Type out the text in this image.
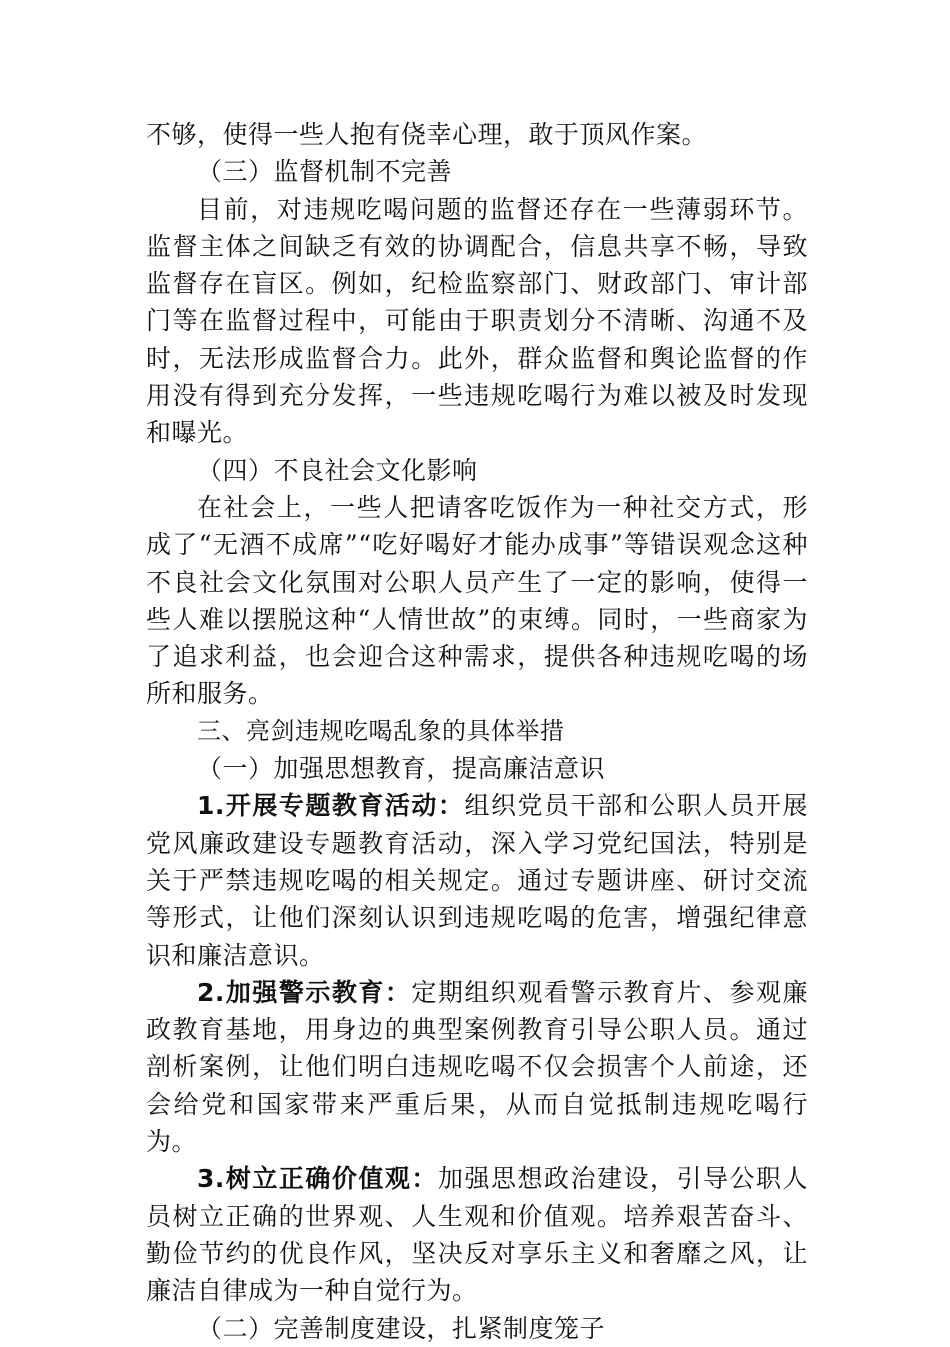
不够，使得一些人抱有侥幸心理，敢于顶风作案。

（三）监督机制不完善

目前，对违规吃喝问题的监督还存在一些薄弱环节。监督主体之间缺乏有效的协调配合，信息共享不畅，导致监督存在盲区。例如，纪检监察部门、财政部门、审计部门等在监督过程中，可能由于职责划分不清晰、沟通不及时，无法形成监督合力。此外，群众监督和舆论监督的作用没有得到充分发挥，一些违规吃喝行为难以被及时发现和曝光。

（四）不良社会文化影响

在社会上，一些人把请客吃饭作为一种社交方式，形成了“无酒不成席”“吃好喝好才能办成事”等错误观念这种不良社会文化氛围对公职人员产生了一定的影响，使得一些人难以摆脱这种“人情世故”的束缚。同时，一些商家为了追求利益，也会迎合这种需求，提供各种违规吃喝的场所和服务。

三、亮剑违规吃喝乱象的具体举措

（一）加强思想教育，提高廉洁意识

1.开展专题教育活动：组织党员干部和公职人员开展党风廉政建设专题教育活动，深入学习党纪国法，特别是关于严禁违规吃喝的相关规定。通过专题讲座、研讨交流等形式，让他们深刻认识到违规吃喝的危害，增强纪律意识和廉洁意识。

2.加强警示教育：定期组织观看警示教育片、参观廉政教育基地，用身边的典型案例教育引导公职人员。通过剖析案例，让他们明白违规吃喝不仅会损害个人前途，还会给党和国家带来严重后果，从而自觉抵制违规吃喝行为。

3.树立正确价值观：加强思想政治建设，引导公职人员树立正确的世界观、人生观和价值观。培养艰苦奋斗、勤俭节约的优良作风，坚决反对享乐主义和奢靡之风，让廉洁自律成为一种自觉行为。

（二）完善制度建设，扎紧制度笼子
